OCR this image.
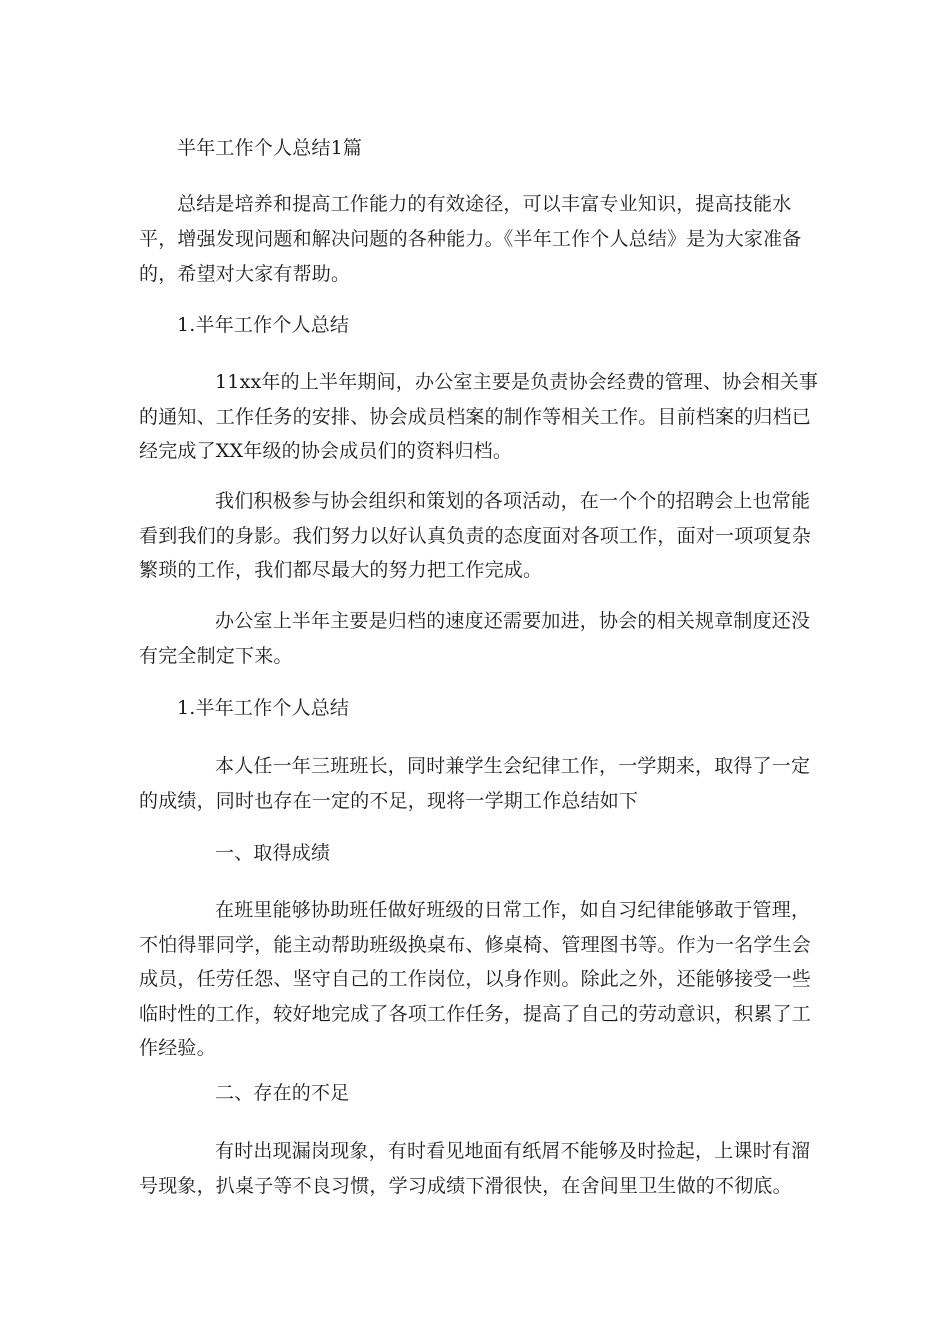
半年工作个人总结1篇
总结是培养和提高工作能力的有效途径，可以丰富专业知识，提高技能水平，增强发现问题和解决问题的各种能力。《半年工作个人总结》是为大家准备的，希望对大家有帮助。
1.半年工作个人总结
11xx年的上半年期间，办公室主要是负责协会经费的管理、协会相关事的通知、工作任务的安排、协会成员档案的制作等相关工作。目前档案的归档已经完成了XX年级的协会成员们的资料归档。
我们积极参与协会组织和策划的各项活动，在一个个的招聘会上也常能看到我们的身影。我们努力以好认真负责的态度面对各项工作，面对一项项复杂繁琐的工作，我们都尽最大的努力把工作完成。
办公室上半年主要是归档的速度还需要加进，协会的相关规章制度还没有完全制定下来。
1.半年工作个人总结
本人任一年三班班长，同时兼学生会纪律工作，一学期来，取得了一定的成绩，同时也存在一定的不足，现将一学期工作总结如下
一、取得成绩
在班里能够协助班任做好班级的日常工作，如自习纪律能够敢于管理，不怕得罪同学，能主动帮助班级换桌布、修桌椅、管理图书等。作为一名学生会成员，任劳任怨、坚守自己的工作岗位，以身作则。除此之外，还能够接受一些临时性的工作，较好地完成了各项工作任务，提高了自己的劳动意识，积累了工作经验。
二、存在的不足
有时出现漏岗现象，有时看见地面有纸屑不能够及时捡起，上课时有溜号现象，扒桌子等不良习惯，学习成绩下滑很快，在舍间里卫生做的不彻底。
